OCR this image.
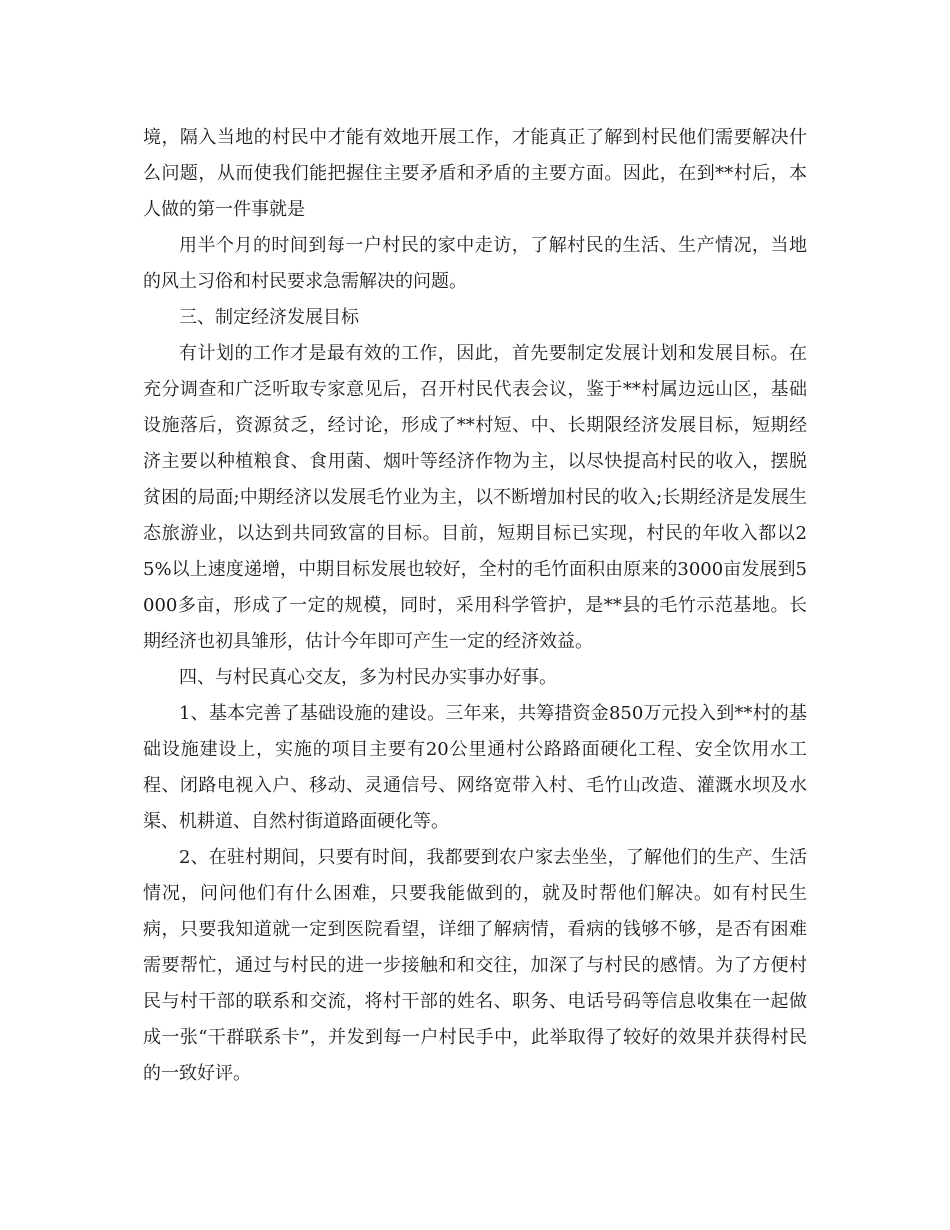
境，隔入当地的村民中才能有效地开展工作，才能真正了解到村民他们需要解决什么问题，从而使我们能把握住主要矛盾和矛盾的主要方面。因此，在到**村后，本人做的第一件事就是

用半个月的时间到每一户村民的家中走访，了解村民的生活、生产情况，当地的风土习俗和村民要求急需解决的问题。

三、制定经济发展目标

有计划的工作才是最有效的工作，因此，首先要制定发展计划和发展目标。在充分调查和广泛听取专家意见后，召开村民代表会议，鉴于**村属边远山区，基础设施落后，资源贫乏，经讨论，形成了**村短、中、长期限经济发展目标，短期经济主要以种植粮食、食用菌、烟叶等经济作物为主，以尽快提高村民的收入，摆脱贫困的局面;中期经济以发展毛竹业为主，以不断增加村民的收入;长期经济是发展生态旅游业，以达到共同致富的目标。目前，短期目标已实现，村民的年收入都以25%以上速度递增，中期目标发展也较好，全村的毛竹面积由原来的3000亩发展到5000多亩，形成了一定的规模，同时，采用科学管护，是**县的毛竹示范基地。长期经济也初具雏形，估计今年即可产生一定的经济效益。

四、与村民真心交友，多为村民办实事办好事。

1、基本完善了基础设施的建设。三年来，共筹措资金850万元投入到**村的基础设施建设上，实施的项目主要有20公里通村公路路面硬化工程、安全饮用水工程、闭路电视入户、移动、灵通信号、网络宽带入村、毛竹山改造、灌溉水坝及水渠、机耕道、自然村街道路面硬化等。

2、在驻村期间，只要有时间，我都要到农户家去坐坐，了解他们的生产、生活情况，问问他们有什么困难，只要我能做到的，就及时帮他们解决。如有村民生病，只要我知道就一定到医院看望，详细了解病情，看病的钱够不够，是否有困难需要帮忙，通过与村民的进一步接触和和交往，加深了与村民的感情。为了方便村民与村干部的联系和交流，将村干部的姓名、职务、电话号码等信息收集在一起做成一张“干群联系卡”，并发到每一户村民手中，此举取得了较好的效果并获得村民的一致好评。
